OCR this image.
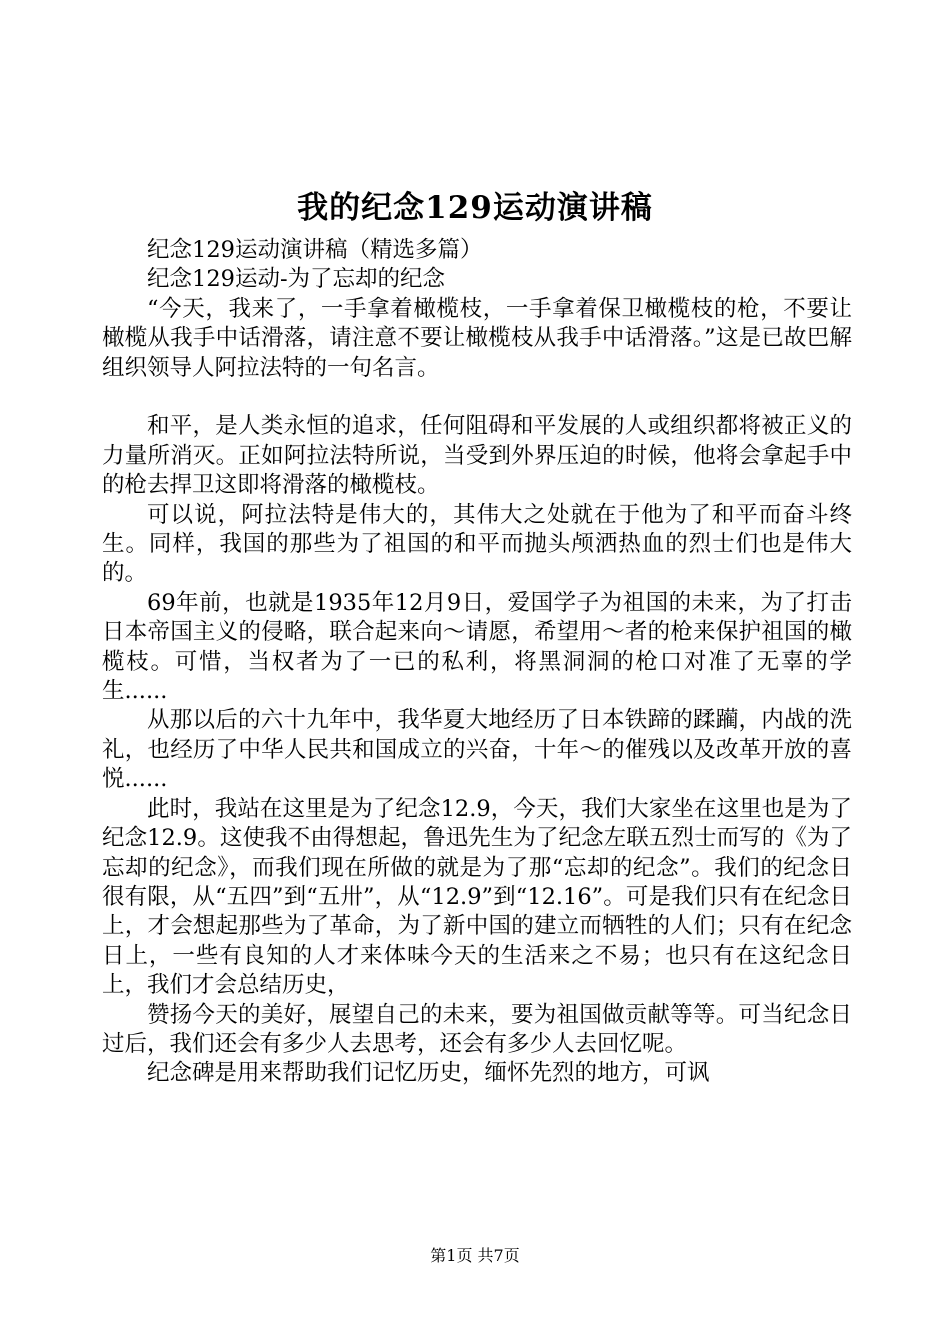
我的纪念129运动演讲稿

纪念129运动演讲稿（精选多篇）

纪念129运动-为了忘却的纪念

“今天，我来了，一手拿着橄榄枝，一手拿着保卫橄榄枝的枪，不要让橄榄从我手中话滑落，请注意不要让橄榄枝从我手中话滑落。”这是已故巴解组织领导人阿拉法特的一句名言。

和平，是人类永恒的追求，任何阻碍和平发展的人或组织都将被正义的力量所消灭。正如阿拉法特所说，当受到外界压迫的时候，他将会拿起手中的枪去捍卫这即将滑落的橄榄枝。

可以说，阿拉法特是伟大的，其伟大之处就在于他为了和平而奋斗终生。同样，我国的那些为了祖国的和平而抛头颅洒热血的烈士们也是伟大的。

69年前，也就是1935年12月9日，爱国学子为祖国的未来，为了打击日本帝国主义的侵略，联合起来向～请愿，希望用～者的枪来保护祖国的橄榄枝。可惜，当权者为了一已的私利，将黑洞洞的枪口对准了无辜的学生......

从那以后的六十九年中，我华夏大地经历了日本铁蹄的蹂躏，内战的洗礼，也经历了中华人民共和国成立的兴奋，十年～的催残以及改革开放的喜悦......

此时，我站在这里是为了纪念12.9，今天，我们大家坐在这里也是为了纪念12.9。这使我不由得想起，鲁迅先生为了纪念左联五烈士而写的《为了忘却的纪念》，而我们现在所做的就是为了那“忘却的纪念”。我们的纪念日很有限，从“五四”到“五卅”，从“12.9”到“12.16”。可是我们只有在纪念日上，才会想起那些为了革命，为了新中国的建立而牺牲的人们；只有在纪念日上，一些有良知的人才来体味今天的生活来之不易；也只有在这纪念日上，我们才会总结历史，

赞扬今天的美好，展望自己的未来，要为祖国做贡献等等。可当纪念日过后，我们还会有多少人去思考，还会有多少人去回忆呢。

纪念碑是用来帮助我们记忆历史，缅怀先烈的地方，可讽

第1页 共7页
